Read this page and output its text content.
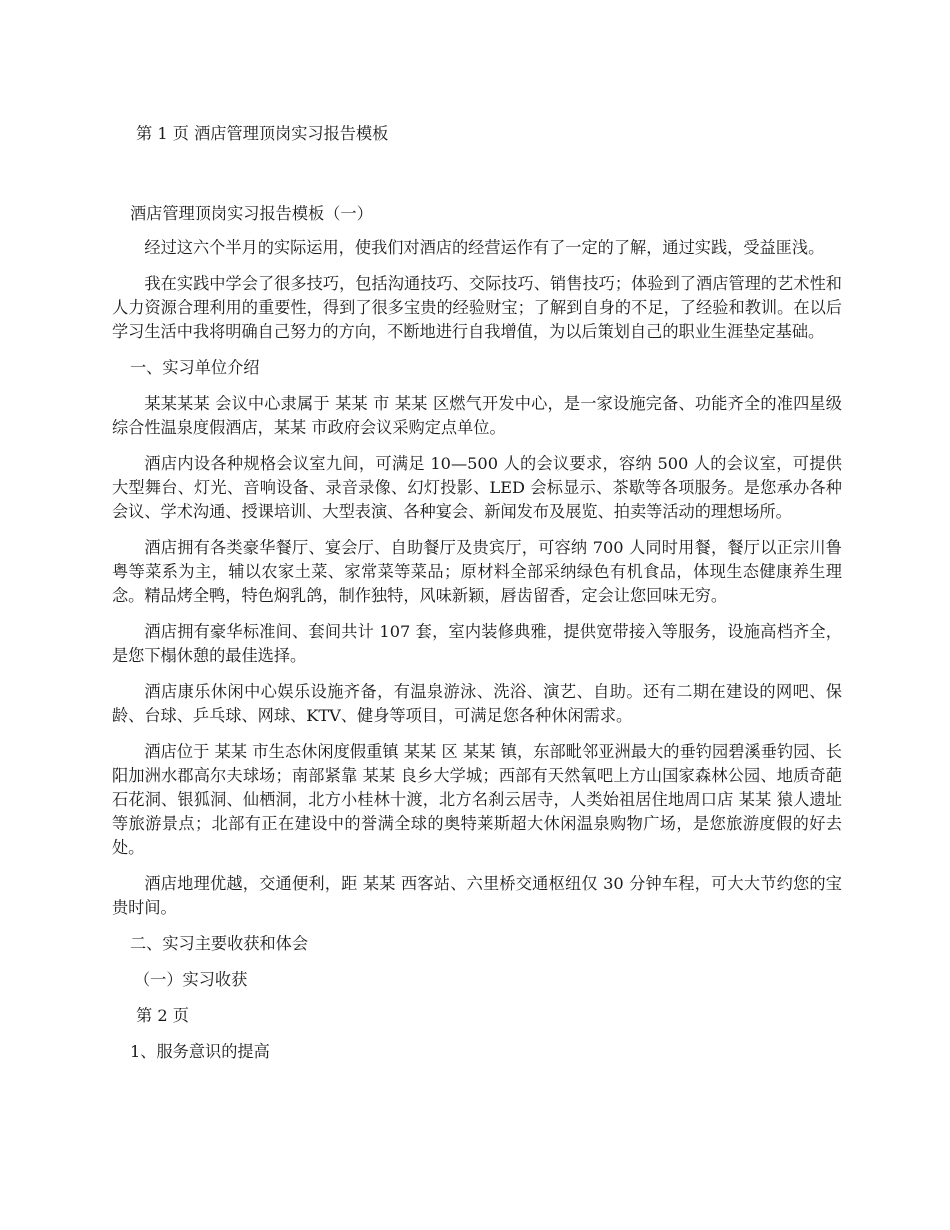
第 1 页 酒店管理顶岗实习报告模板
酒店管理顶岗实习报告模板（一）

经过这六个半月的实际运用，使我们对酒店的经营运作有了一定的了解，通过实践，受益匪浅。

我在实践中学会了很多技巧，包括沟通技巧、交际技巧、销售技巧；体验到了酒店管理的艺术性和人力资源合理利用的重要性，得到了很多宝贵的经验财宝；了解到自身的不足，了经验和教训。在以后学习生活中我将明确自己努力的方向，不断地进行自我增值，为以后策划自己的职业生涯垫定基础。

一、实习单位介绍

某某某某 会议中心隶属于 某某 市 某某 区燃气开发中心，是一家设施完备、功能齐全的准四星级综合性温泉度假酒店，某某 市政府会议采购定点单位。

酒店内设各种规格会议室九间，可满足 10—500 人的会议要求，容纳 500 人的会议室，可提供大型舞台、灯光、音响设备、录音录像、幻灯投影、LED 会标显示、茶歇等各项服务。是您承办各种会议、学术沟通、授课培训、大型表演、各种宴会、新闻发布及展览、拍卖等活动的理想场所。

酒店拥有各类豪华餐厅、宴会厅、自助餐厅及贵宾厅，可容纳 700 人同时用餐，餐厅以正宗川鲁粤等菜系为主，辅以农家土菜、家常菜等菜品；原材料全部采纳绿色有机食品，体现生态健康养生理念。精品烤全鸭，特色焖乳鸽，制作独特，风味新颖，唇齿留香，定会让您回味无穷。

酒店拥有豪华标准间、套间共计 107 套，室内装修典雅，提供宽带接入等服务，设施高档齐全，是您下榻休憩的最佳选择。

酒店康乐休闲中心娱乐设施齐备，有温泉游泳、洗浴、演艺、自助。还有二期在建设的网吧、保龄、台球、乒乓球、网球、KTV、健身等项目，可满足您各种休闲需求。

酒店位于 某某 市生态休闲度假重镇 某某 区 某某 镇，东部毗邻亚洲最大的垂钓园碧溪垂钓园、长阳加洲水郡高尔夫球场；南部紧靠 某某 良乡大学城；西部有天然氧吧上方山国家森林公园、地质奇葩石花洞、银狐洞、仙栖洞，北方小桂林十渡，北方名刹云居寺，人类始祖居住地周口店 某某 猿人遗址等旅游景点；北部有正在建设中的誉满全球的奥特莱斯超大休闲温泉购物广场，是您旅游度假的好去处。

酒店地理优越，交通便利，距 某某 西客站、六里桥交通枢纽仅 30 分钟车程，可大大节约您的宝贵时间。

二、实习主要收获和体会
（一）实习收获
第 2 页
1、服务意识的提高
